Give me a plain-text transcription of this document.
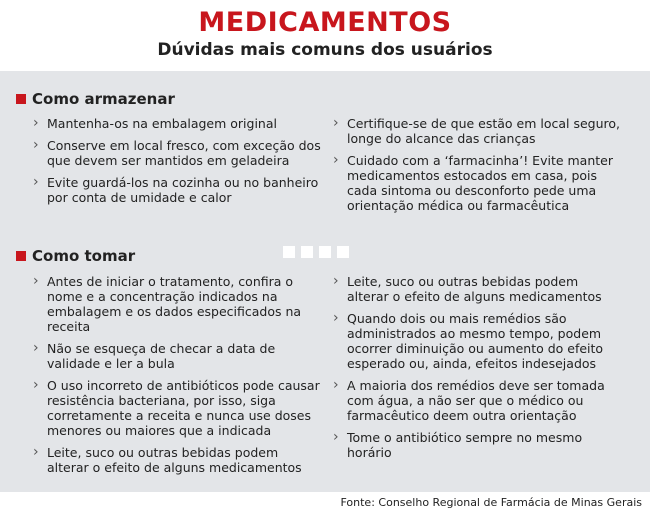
MEDICAMENTOS
Dúvidas mais comuns dos usuários
Como armazenar
› Mantenha-os na embalagem original
› Conserve em local fresco, com exceção dos que devem ser mantidos em geladeira
› Evite guardá-los na cozinha ou no banheiro por conta de umidade e calor
› Certifique-se de que estão em local seguro, longe do alcance das crianças
› Cuidado com a ‘farmacinha’! Evite manter medicamentos estocados em casa, pois cada sintoma ou desconforto pede uma orientação médica ou farmacêutica
Como tomar
› Antes de iniciar o tratamento, confira o nome e a concentração indicados na embalagem e os dados especificados na receita
› Não se esqueça de checar a data de validade e ler a bula
› O uso incorreto de antibióticos pode causar resistência bacteriana, por isso, siga corretamente a receita e nunca use doses menores ou maiores que a indicada
› Leite, suco ou outras bebidas podem alterar o efeito de alguns medicamentos
› Leite, suco ou outras bebidas podem alterar o efeito de alguns medicamentos
› Quando dois ou mais remédios são administrados ao mesmo tempo, podem ocorrer diminuição ou aumento do efeito esperado ou, ainda, efeitos indesejados
› A maioria dos remédios deve ser tomada com água, a não ser que o médico ou farmacêutico deem outra orientação
› Tome o antibiótico sempre no mesmo horário
Fonte: Conselho Regional de Farmácia de Minas Gerais
